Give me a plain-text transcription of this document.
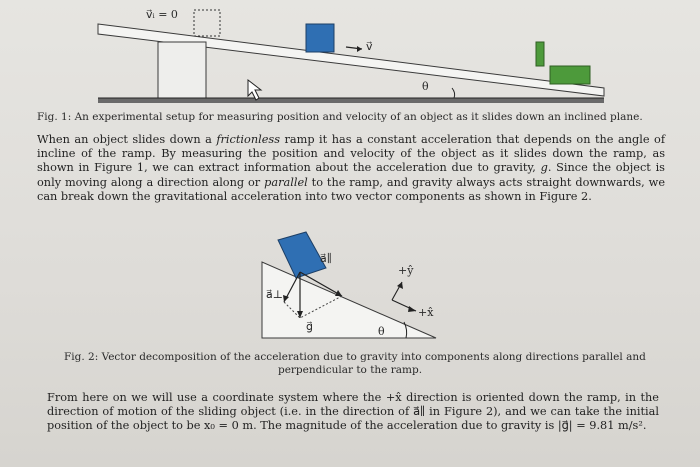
v⃗ᵢ = 0
v⃗
θ
Fig. 1: An experimental setup for measuring position and velocity of an object as it slides down an inclined plane.
When an object slides down a frictionless ramp it has a constant acceleration that depends on the angle of incline of the ramp. By measuring the position and velocity of the object as it slides down the ramp, as shown in Figure 1, we can extract information about the acceleration due to gravity, g. Since the object is only moving along a direction along or parallel to the ramp, and gravity always acts straight downwards, we can break down the gravitational acceleration into two vector components as shown in Figure 2.
a⃗∥
a⃗⊥
g⃗	θ
+ŷ
+x̂
Fig. 2: Vector decomposition of the acceleration due to gravity into components along directions parallel and
perpendicular to the ramp.
From here on we will use a coordinate system where the +x̂ direction is oriented down the ramp, in the direction of motion of the sliding object (i.e. in the direction of a⃗∥ in Figure 2), and we can take the initial position of the object to be x₀ = 0 m. The magnitude of the acceleration due to gravity is |g⃗| = 9.81 m/s².
